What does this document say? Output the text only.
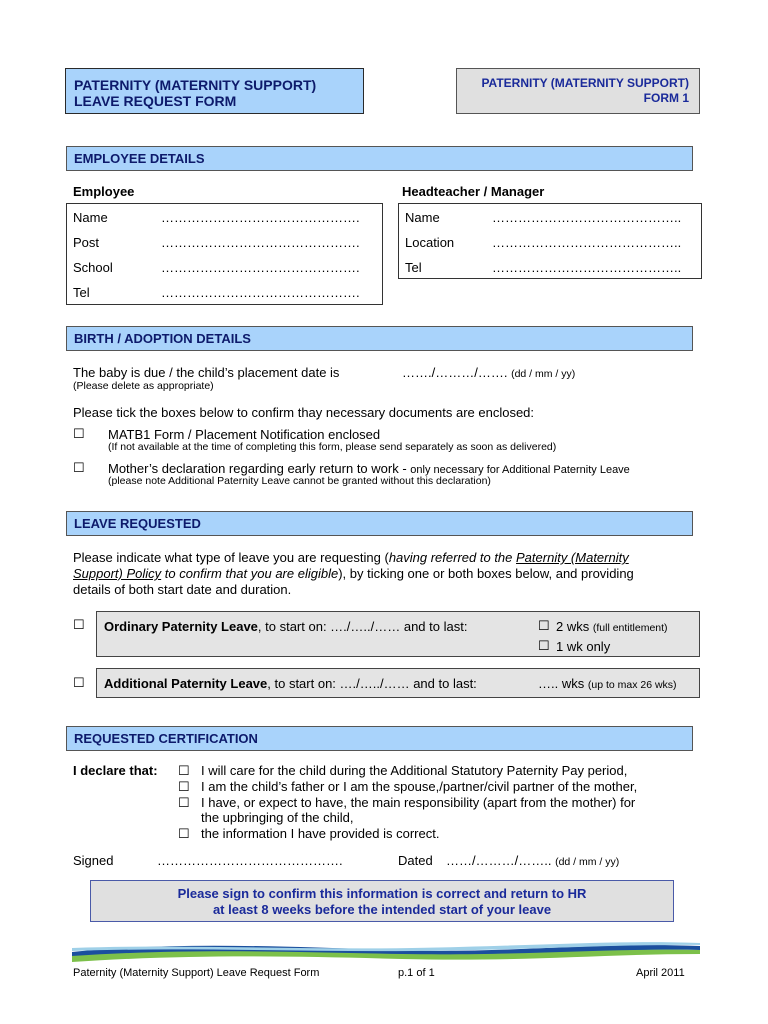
PATERNITY (MATERNITY SUPPORT)
LEAVE REQUEST FORM
PATERNITY (MATERNITY SUPPORT)
FORM 1
EMPLOYEE DETAILS
Employee	Headteacher / Manager
Name	……………………………………….
Post	……………………………………….
School	……………………………………….
Tel	……………………………………….
Name	……………………………………..
Location	……………………………………..
Tel	……………………………………..
BIRTH / ADOPTION DETAILS
The baby is due / the child’s placement date is
(Please delete as appropriate)
……./………/……. (dd / mm / yy)
Please tick the boxes below to confirm thay necessary documents are enclosed:
☐ MATB1 Form / Placement Notification enclosed
(If not available at the time of completing this form, please send separately as soon as delivered)
☐ Mother’s declaration regarding early return to work - only necessary for Additional Paternity Leave
(please note Additional Paternity Leave cannot be granted without this declaration)
LEAVE REQUESTED
Please indicate what type of leave you are requesting (having referred to the Paternity (Maternity Support) Policy to confirm that you are eligible), by ticking one or both boxes below, and providing details of both start date and duration.
☐ Ordinary Paternity Leave, to start on: …./…../…… and to last:	☐ 2 wks (full entitlement)
☐ 1 wk only
☐ Additional Paternity Leave, to start on: …./…../…… and to last:	….. wks (up to max 26 wks)
REQUESTED CERTIFICATION
I declare that: ☐ I will care for the child during the Additional Statutory Paternity Pay period,
☐ I am the child’s father or I am the spouse,/partner/civil partner of the mother,
☐ I have, or expect to have, the main responsibility (apart from the mother) for
the upbringing of the child,
☐ the information I have provided is correct.
Signed	…………………………………….	Dated ……/………/…….. (dd / mm / yy)
Please sign to confirm this information is correct and return to HR
at least 8 weeks before the intended start of your leave
Paternity (Maternity Support) Leave Request Form	p.1 of 1	April 2011
